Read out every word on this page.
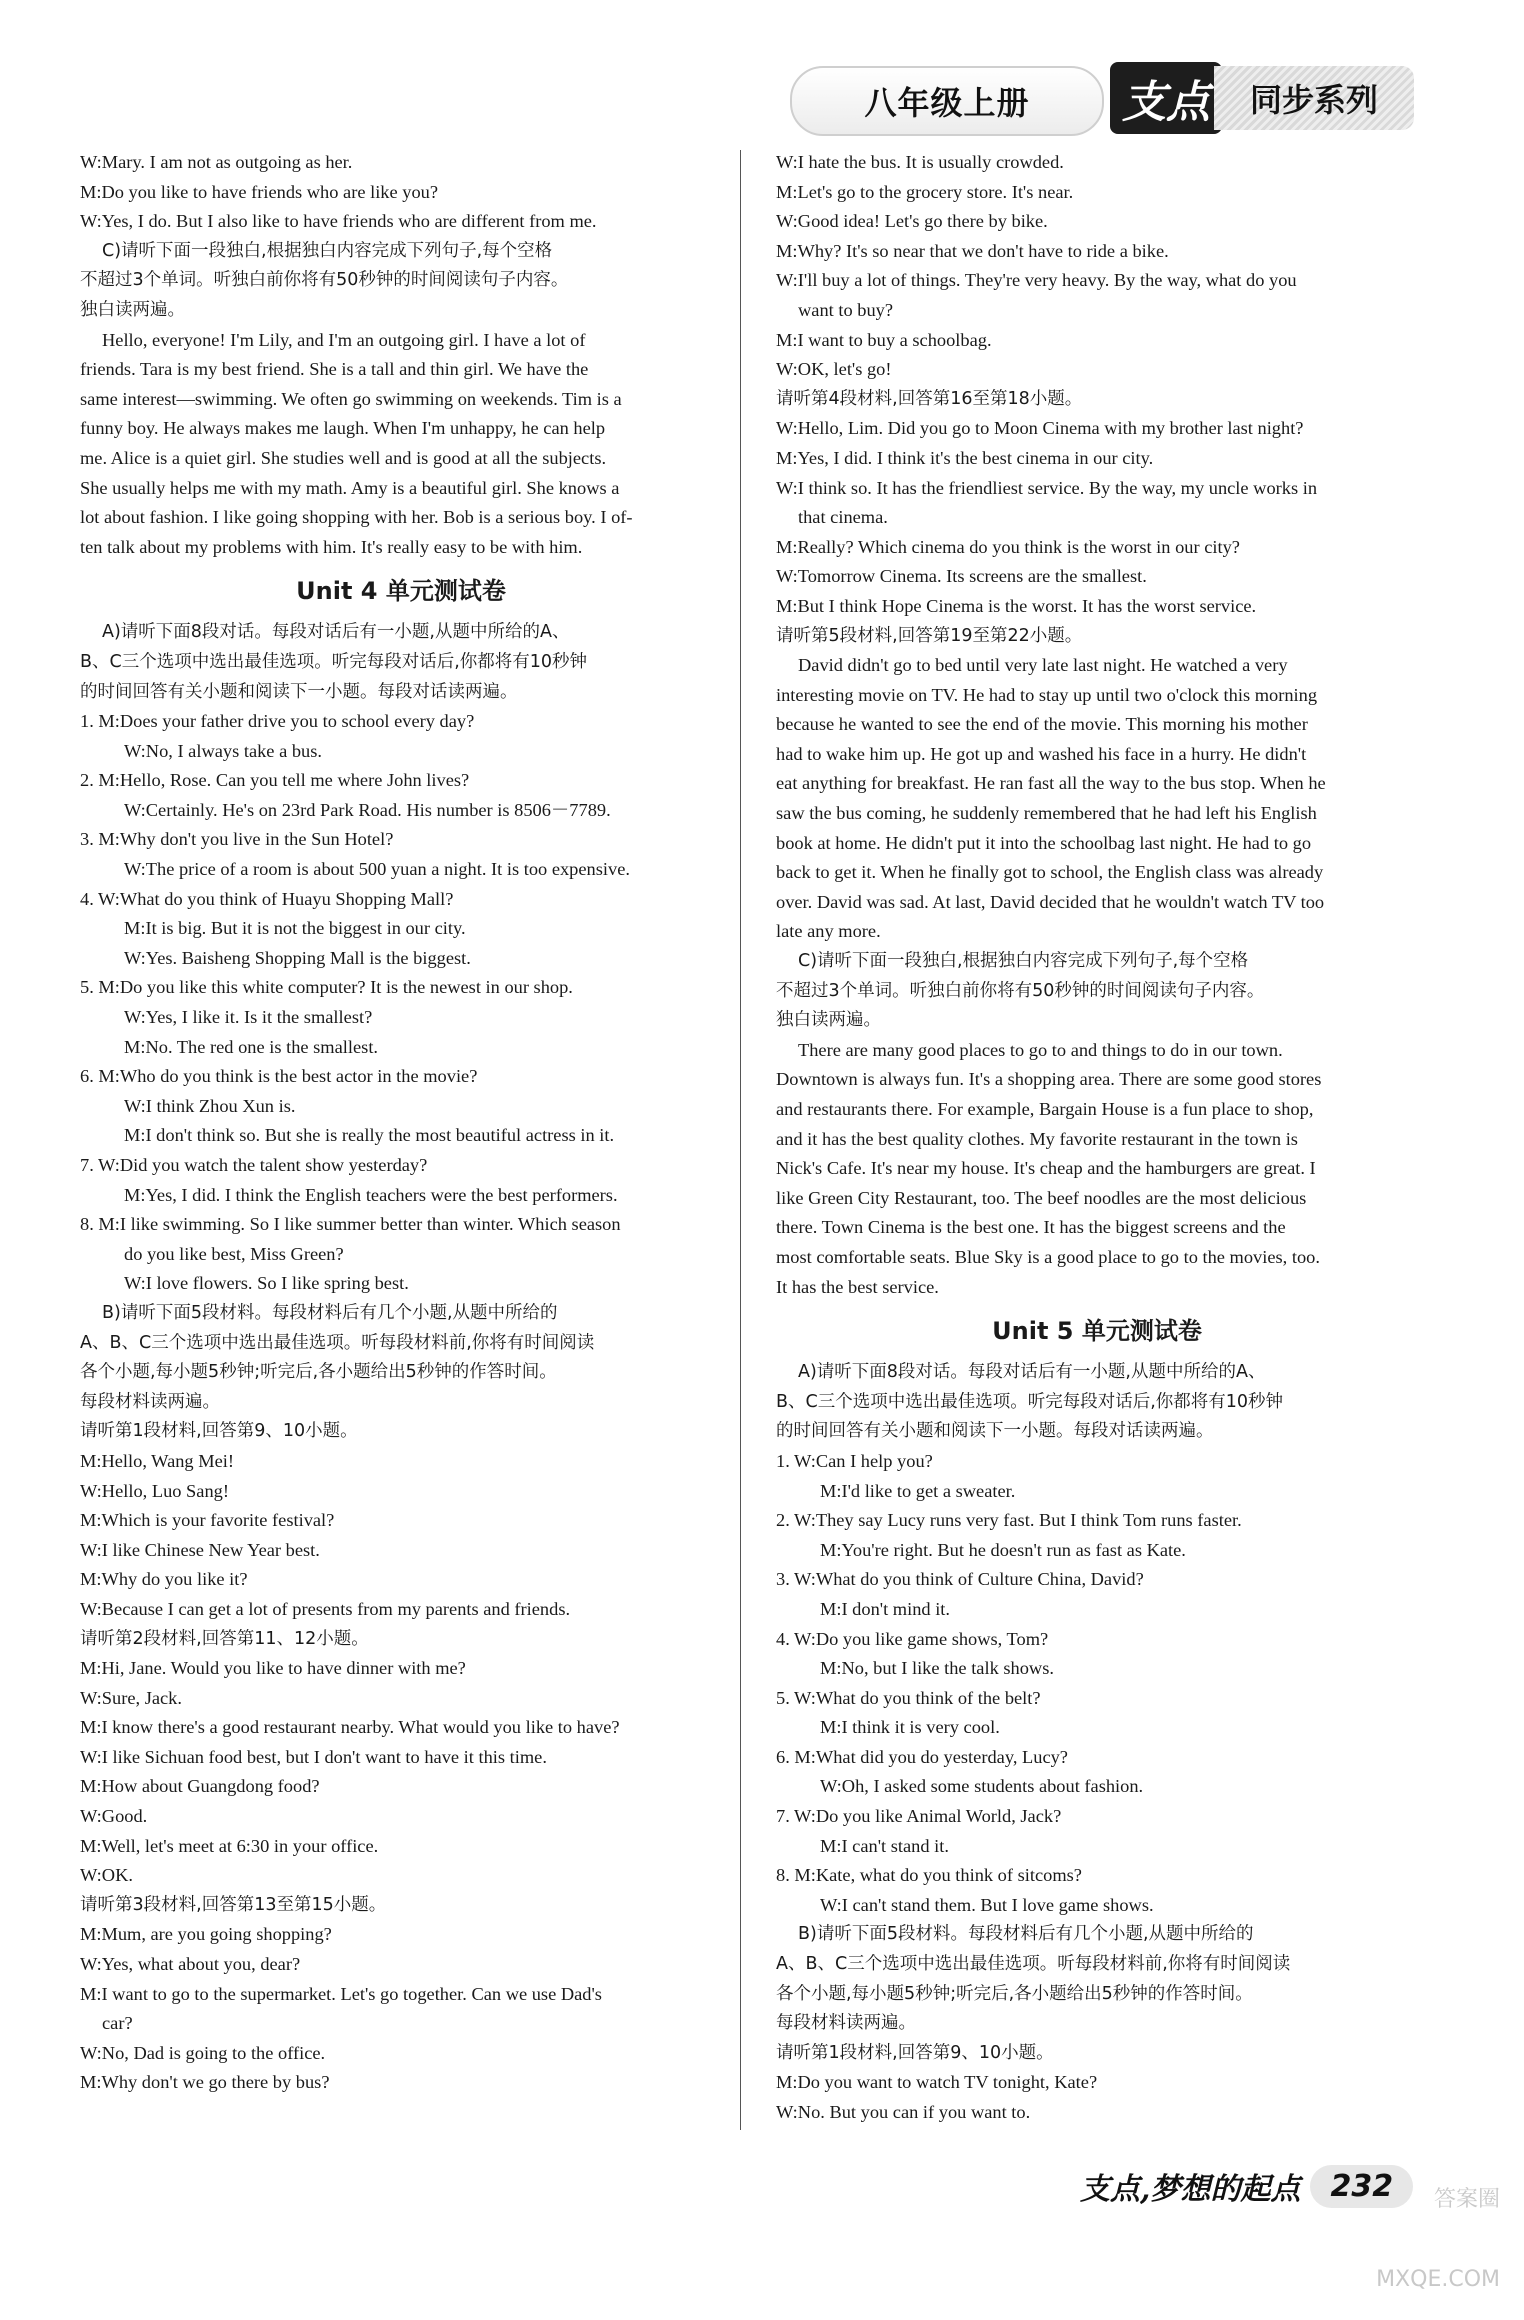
八年级上册	支点	同步系列
W:Mary. I am not as outgoing as her.
M:Do you like to have friends who are like you?
W:Yes, I do. But I also like to have friends who are different from me.
C)请听下面一段独白,根据独白内容完成下列句子,每个空格
不超过3个单词。听独白前你将有50秒钟的时间阅读句子内容。
独白读两遍。
Hello, everyone! I'm Lily, and I'm an outgoing girl. I have a lot of
friends. Tara is my best friend. She is a tall and thin girl. We have the
same interest—swimming. We often go swimming on weekends. Tim is a
funny boy. He always makes me laugh. When I'm unhappy, he can help
me. Alice is a quiet girl. She studies well and is good at all the subjects.
She usually helps me with my math. Amy is a beautiful girl. She knows a
lot about fashion. I like going shopping with her. Bob is a serious boy. I of-
ten talk about my problems with him. It's really easy to be with him.
Unit 4 单元测试卷
A)请听下面8段对话。每段对话后有一小题,从题中所给的A、
B、C三个选项中选出最佳选项。听完每段对话后,你都将有10秒钟
的时间回答有关小题和阅读下一小题。每段对话读两遍。
1. M:Does your father drive you to school every day?
W:No, I always take a bus.
2. M:Hello, Rose. Can you tell me where John lives?
W:Certainly. He's on 23rd Park Road. His number is 8506－7789.
3. M:Why don't you live in the Sun Hotel?
W:The price of a room is about 500 yuan a night. It is too expensive.
4. W:What do you think of Huayu Shopping Mall?
M:It is big. But it is not the biggest in our city.
W:Yes. Baisheng Shopping Mall is the biggest.
5. M:Do you like this white computer? It is the newest in our shop.
W:Yes, I like it. Is it the smallest?
M:No. The red one is the smallest.
6. M:Who do you think is the best actor in the movie?
W:I think Zhou Xun is.
M:I don't think so. But she is really the most beautiful actress in it.
7. W:Did you watch the talent show yesterday?
M:Yes, I did. I think the English teachers were the best performers.
8. M:I like swimming. So I like summer better than winter. Which season
do you like best, Miss Green?
W:I love flowers. So I like spring best.
B)请听下面5段材料。每段材料后有几个小题,从题中所给的
A、B、C三个选项中选出最佳选项。听每段材料前,你将有时间阅读
各个小题,每小题5秒钟;听完后,各小题给出5秒钟的作答时间。
每段材料读两遍。
请听第1段材料,回答第9、10小题。
M:Hello, Wang Mei!
W:Hello, Luo Sang!
M:Which is your favorite festival?
W:I like Chinese New Year best.
M:Why do you like it?
W:Because I can get a lot of presents from my parents and friends.
请听第2段材料,回答第11、12小题。
M:Hi, Jane. Would you like to have dinner with me?
W:Sure, Jack.
M:I know there's a good restaurant nearby. What would you like to have?
W:I like Sichuan food best, but I don't want to have it this time.
M:How about Guangdong food?
W:Good.
M:Well, let's meet at 6:30 in your office.
W:OK.
请听第3段材料,回答第13至第15小题。
M:Mum, are you going shopping?
W:Yes, what about you, dear?
M:I want to go to the supermarket. Let's go together. Can we use Dad's
car?
W:No, Dad is going to the office.
M:Why don't we go there by bus?
W:I hate the bus. It is usually crowded.
M:Let's go to the grocery store. It's near.
W:Good idea! Let's go there by bike.
M:Why? It's so near that we don't have to ride a bike.
W:I'll buy a lot of things. They're very heavy. By the way, what do you
want to buy?
M:I want to buy a schoolbag.
W:OK, let's go!
请听第4段材料,回答第16至第18小题。
W:Hello, Lim. Did you go to Moon Cinema with my brother last night?
M:Yes, I did. I think it's the best cinema in our city.
W:I think so. It has the friendliest service. By the way, my uncle works in
that cinema.
M:Really? Which cinema do you think is the worst in our city?
W:Tomorrow Cinema. Its screens are the smallest.
M:But I think Hope Cinema is the worst. It has the worst service.
请听第5段材料,回答第19至第22小题。
David didn't go to bed until very late last night. He watched a very
interesting movie on TV. He had to stay up until two o'clock this morning
because he wanted to see the end of the movie. This morning his mother
had to wake him up. He got up and washed his face in a hurry. He didn't
eat anything for breakfast. He ran fast all the way to the bus stop. When he
saw the bus coming, he suddenly remembered that he had left his English
book at home. He didn't put it into the schoolbag last night. He had to go
back to get it. When he finally got to school, the English class was already
over. David was sad. At last, David decided that he wouldn't watch TV too
late any more.
C)请听下面一段独白,根据独白内容完成下列句子,每个空格
不超过3个单词。听独白前你将有50秒钟的时间阅读句子内容。
独白读两遍。
There are many good places to go to and things to do in our town.
Downtown is always fun. It's a shopping area. There are some good stores
and restaurants there. For example, Bargain House is a fun place to shop,
and it has the best quality clothes. My favorite restaurant in the town is
Nick's Cafe. It's near my house. It's cheap and the hamburgers are great. I
like Green City Restaurant, too. The beef noodles are the most delicious
there. Town Cinema is the best one. It has the biggest screens and the
most comfortable seats. Blue Sky is a good place to go to the movies, too.
It has the best service.
Unit 5 单元测试卷
A)请听下面8段对话。每段对话后有一小题,从题中所给的A、
B、C三个选项中选出最佳选项。听完每段对话后,你都将有10秒钟
的时间回答有关小题和阅读下一小题。每段对话读两遍。
1. W:Can I help you?
M:I'd like to get a sweater.
2. W:They say Lucy runs very fast. But I think Tom runs faster.
M:You're right. But he doesn't run as fast as Kate.
3. W:What do you think of Culture China, David?
M:I don't mind it.
4. W:Do you like game shows, Tom?
M:No, but I like the talk shows.
5. W:What do you think of the belt?
M:I think it is very cool.
6. M:What did you do yesterday, Lucy?
W:Oh, I asked some students about fashion.
7. W:Do you like Animal World, Jack?
M:I can't stand it.
8. M:Kate, what do you think of sitcoms?
W:I can't stand them. But I love game shows.
B)请听下面5段材料。每段材料后有几个小题,从题中所给的
A、B、C三个选项中选出最佳选项。听每段材料前,你将有时间阅读
各个小题,每小题5秒钟;听完后,各小题给出5秒钟的作答时间。
每段材料读两遍。
请听第1段材料,回答第9、10小题。
M:Do you want to watch TV tonight, Kate?
W:No. But you can if you want to.
支点,梦想的起点	232	答案圈 MXQE.COM
